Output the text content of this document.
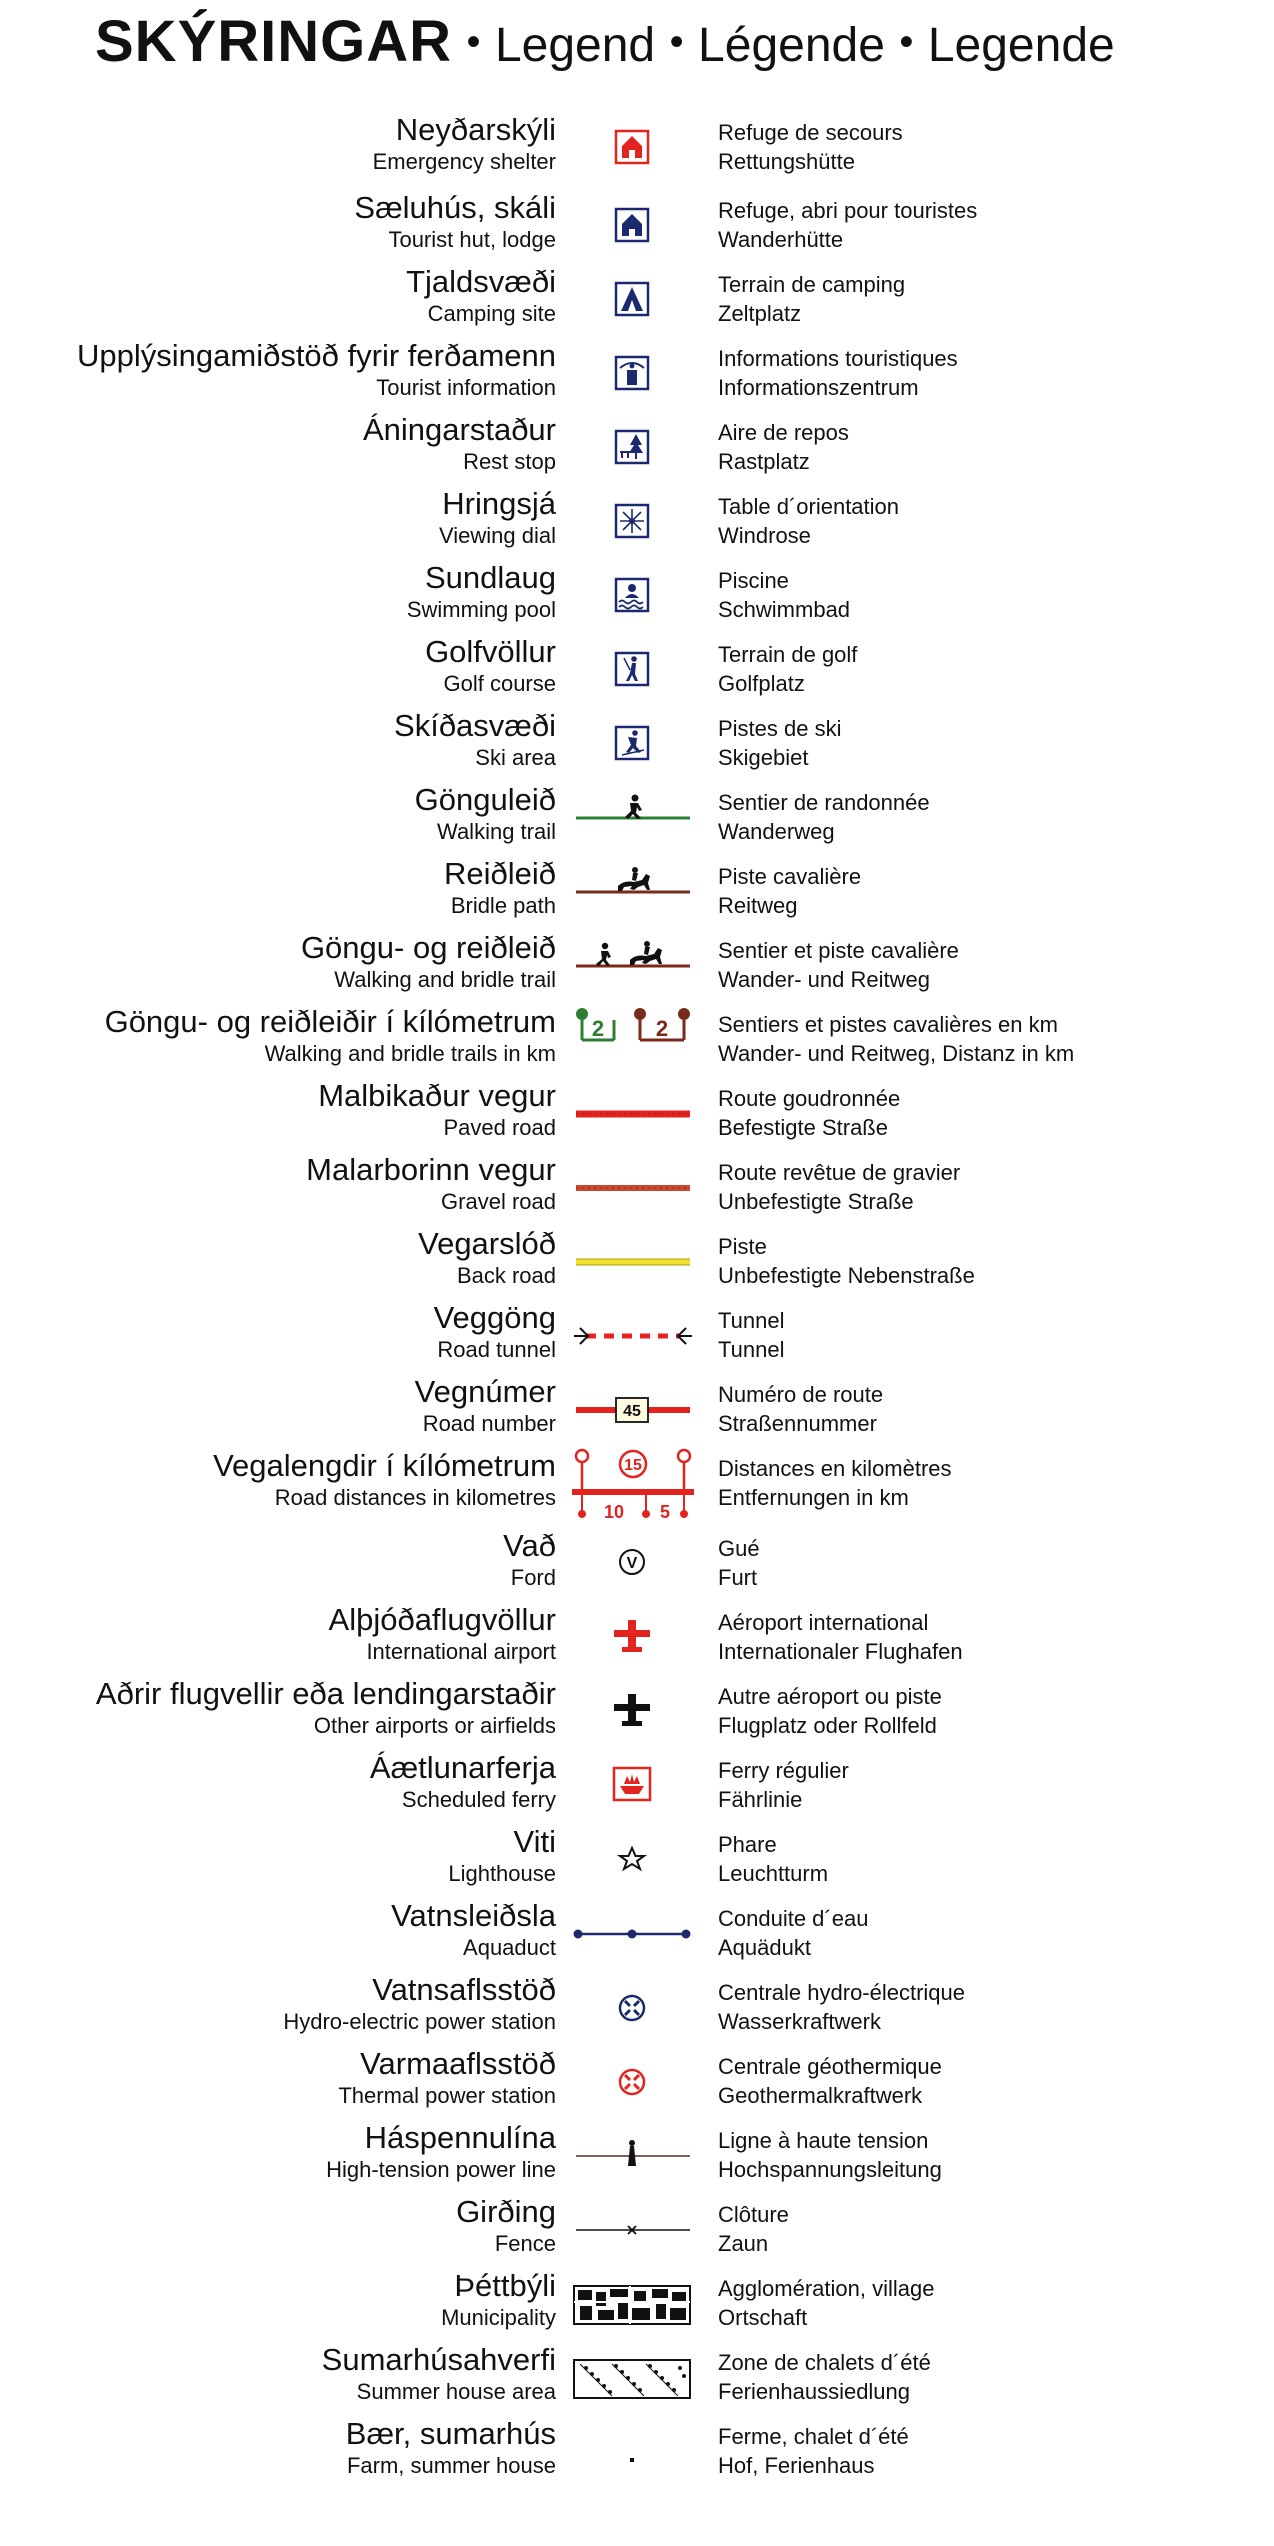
SKÝRINGAR • Legend • Légende • Legende
Neyðarskýli
Emergency shelter
Refuge de secours
Rettungshütte
Sæluhús, skáli
Tourist hut, lodge
Refuge, abri pour touristes
Wanderhütte
Tjaldsvæði
Camping site
Terrain de camping
Zeltplatz
Upplýsingamiðstöð fyrir ferðamenn
Tourist information
Informations touristiques
Informationszentrum
Áningarstaður
Rest stop
Aire de repos
Rastplatz
Hringsjá
Viewing dial
Table d´orientation
Windrose
Sundlaug
Swimming pool
Piscine
Schwimmbad
Golfvöllur
Golf course
Terrain de golf
Golfplatz
Skíðasvæði
Ski area
Pistes de ski
Skigebiet
Gönguleið
Walking trail
Sentier de randonnée
Wanderweg
Reiðleið
Bridle path
Piste cavalière
Reitweg
Göngu- og reiðleið
Walking and bridle trail
Sentier et piste cavalière
Wander- und Reitweg
Göngu- og reiðleiðir í kílómetrum
Walking and bridle trails in km
2 2 Sentiers et pistes cavalières en km
Wander- und Reitweg, Distanz in km
Malbikaður vegur
Paved road
Route goudronnée
Befestigte Straße
Malarborinn vegur
Gravel road
Route revêtue de gravier
Unbefestigte Straße
Vegarslóð
Back road
Piste
Unbefestigte Nebenstraße
Veggöng
Road tunnel
Tunnel
Tunnel
Vegnúmer
Road number	45
Numéro de route
Straßennummer
Vegalengdir í kílómetrum
Road distances in kilometres
15
10 5
Distances en kilomètres
Entfernungen in km
Vað
Ford
V
Gué
Furt
Alþjóðaflugvöllur
International airport
Aéroport international
Internationaler Flughafen
Aðrir flugvellir eða lendingarstaðir
Other airports or airfields
Autre aéroport ou piste
Flugplatz oder Rollfeld
Áætlunarferja
Scheduled ferry
Ferry régulier
Fährlinie
Viti
Lighthouse
Phare
Leuchtturm
Vatnsleiðsla
Aquaduct
Conduite d´eau
Aquädukt
Vatnsaflsstöð
Hydro-electric power station
Centrale hydro-électrique
Wasserkraftwerk
Varmaaflsstöð
Thermal power station
Centrale géothermique
Geothermalkraftwerk
Háspennulína
High-tension power line
Ligne à haute tension
Hochspannungsleitung
Girðing
Fence
Clôture
Zaun
Þéttbýli
Municipality
Agglomération, village
Ortschaft
Sumarhúsahverfi
Summer house area
Zone de chalets d´été
Ferienhaussiedlung
Bær, sumarhús
Farm, summer house
Ferme, chalet d´été
Hof, Ferienhaus
